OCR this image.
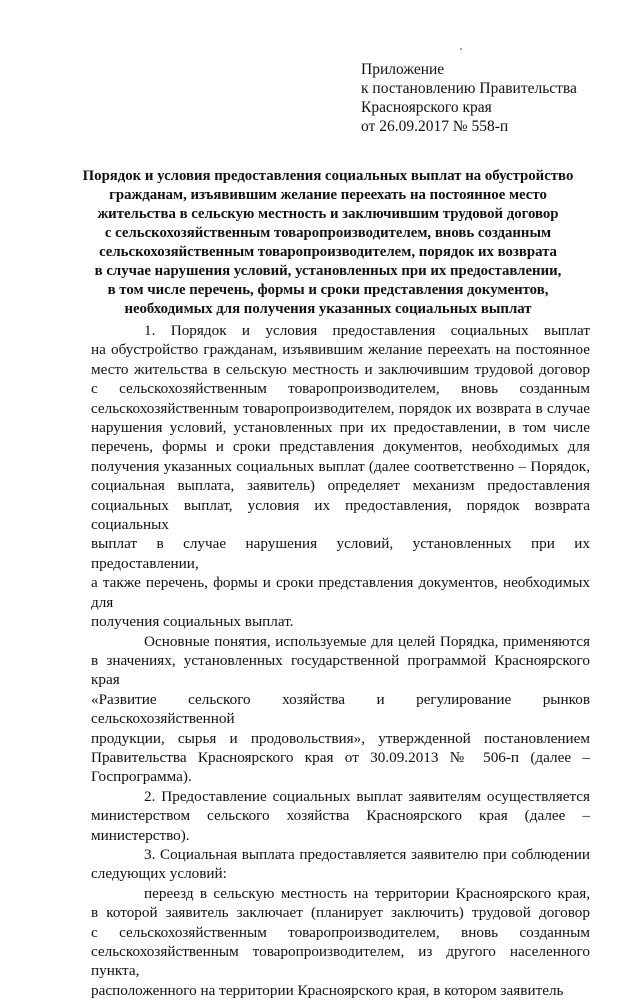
Приложение
к постановлению Правительства
Красноярского края
от 26.09.2017 № 558-п
Порядок и условия предоставления социальных выплат на обустройство
гражданам, изъявившим желание переехать на постоянное место
жительства в сельскую местность и заключившим трудовой договор
с сельскохозяйственным товаропроизводителем, вновь созданным
сельскохозяйственным товаропроизводителем, порядок их возврата
в случае нарушения условий, установленных при их предоставлении,
в том числе перечень, формы и сроки представления документов,
необходимых для получения указанных социальных выплат
1. Порядок и условия предоставления социальных выплат
на обустройство гражданам, изъявившим желание переехать на постоянное
место жительства в сельскую местность и заключившим трудовой договор
с сельскохозяйственным товаропроизводителем, вновь созданным
сельскохозяйственным товаропроизводителем, порядок их возврата в случае
нарушения условий, установленных при их предоставлении, в том числе
перечень, формы и сроки представления документов, необходимых для
получения указанных социальных выплат (далее соответственно – Порядок,
социальная выплата, заявитель) определяет механизм предоставления
социальных выплат, условия их предоставления, порядок возврата социальных
выплат в случае нарушения условий, установленных при их предоставлении,
а также перечень, формы и сроки представления документов, необходимых для
получения социальных выплат.
Основные понятия, используемые для целей Порядка, применяются
в значениях, установленных государственной программой Красноярского края
«Развитие сельского хозяйства и регулирование рынков сельскохозяйственной
продукции, сырья и продовольствия», утвержденной постановлением
Правительства Красноярского края от 30.09.2013 № 506-п (далее –
Госпрограмма).
2. Предоставление социальных выплат заявителям осуществляется
министерством сельского хозяйства Красноярского края (далее –
министерство).
3. Социальная выплата предоставляется заявителю при соблюдении
следующих условий:
переезд в сельскую местность на территории Красноярского края,
в которой заявитель заключает (планирует заключить) трудовой договор
с сельскохозяйственным товаропроизводителем, вновь созданным
сельскохозяйственным товаропроизводителем, из другого населенного пункта,
расположенного на территории Красноярского края, в котором заявитель
